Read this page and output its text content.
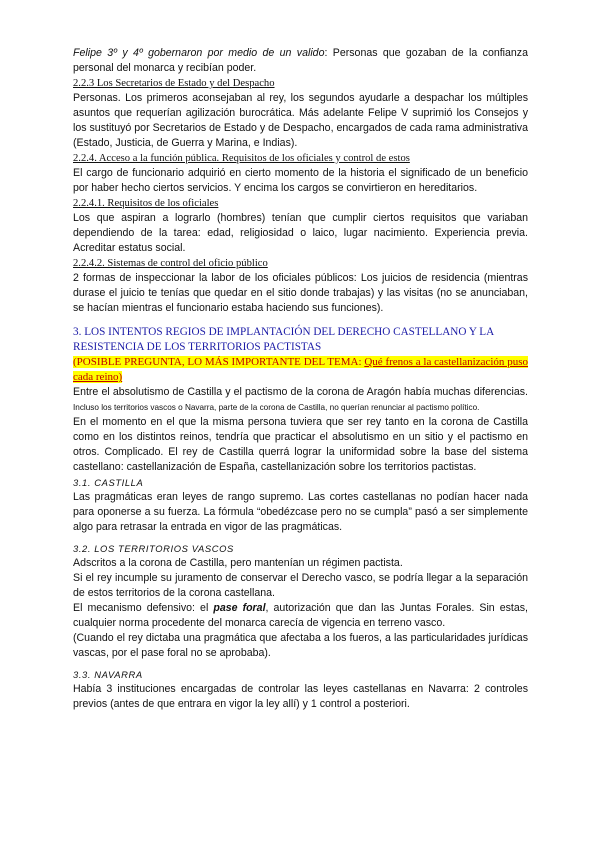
Felipe 3º y 4º gobernaron por medio de un valido: Personas que gozaban de la confianza personal del monarca y recibían poder.

2.2.3 Los Secretarios de Estado y del Despacho

Personas. Los primeros aconsejaban al rey, los segundos ayudarle a despachar los múltiples asuntos que requerían agilización burocrática. Más adelante Felipe V suprimió los Consejos y los sustituyó por Secretarios de Estado y de Despacho, encargados de cada rama administrativa (Estado, Justicia, de Guerra y Marina, e Indias).

2.2.4. Acceso a la función pública. Requisitos de los oficiales y control de estos

El cargo de funcionario adquirió en cierto momento de la historia el significado de un beneficio por haber hecho ciertos servicios. Y encima los cargos se convirtieron en hereditarios.

2.2.4.1. Requisitos de los oficiales

Los que aspiran a lograrlo (hombres) tenían que cumplir ciertos requisitos que variaban dependiendo de la tarea: edad, religiosidad o laico, lugar nacimiento. Experiencia previa. Acreditar estatus social.

2.2.4.2. Sistemas de control del oficio público

2 formas de inspeccionar la labor de los oficiales públicos: Los juicios de residencia (mientras durase el juicio te tenías que quedar en el sitio donde trabajas) y las visitas (no se anunciaban, se hacían mientras el funcionario estaba haciendo sus funciones).

3. LOS INTENTOS REGIOS DE IMPLANTACIÓN DEL DERECHO CASTELLANO Y LA RESISTENCIA DE LOS TERRITORIOS PACTISTAS

(POSIBLE PREGUNTA, LO MÁS IMPORTANTE DEL TEMA: Qué frenos a la castellanización puso cada reino)

Entre el absolutismo de Castilla y el pactismo de la corona de Aragón había muchas diferencias. Incluso los territorios vascos o Navarra, parte de la corona de Castilla, no querían renunciar al pactismo político.

En el momento en el que la misma persona tuviera que ser rey tanto en la corona de Castilla como en los distintos reinos, tendría que practicar el absolutismo en un sitio y el pactismo en otros. Complicado. El rey de Castilla querrá lograr la uniformidad sobre la base del sistema castellano: castellanización de España, castellanización sobre los territorios pactistas.

3.1. CASTILLA

Las pragmáticas eran leyes de rango supremo. Las cortes castellanas no podían hacer nada para oponerse a su fuerza. La fórmula “obedézcase pero no se cumpla” pasó a ser simplemente algo para retrasar la entrada en vigor de las pragmáticas.

3.2. LOS TERRITORIOS VASCOS

Adscritos a la corona de Castilla, pero mantenían un régimen pactista.

Si el rey incumple su juramento de conservar el Derecho vasco, se podría llegar a la separación de estos territorios de la corona castellana.

El mecanismo defensivo: el pase foral, autorización que dan las Juntas Forales. Sin estas, cualquier norma procedente del monarca carecía de vigencia en terreno vasco.

(Cuando el rey dictaba una pragmática que afectaba a los fueros, a las particularidades jurídicas vascas, por el pase foral no se aprobaba).

3.3. NAVARRA

Había 3 instituciones encargadas de controlar las leyes castellanas en Navarra: 2 controles previos (antes de que entrara en vigor la ley allí) y 1 control a posteriori.
